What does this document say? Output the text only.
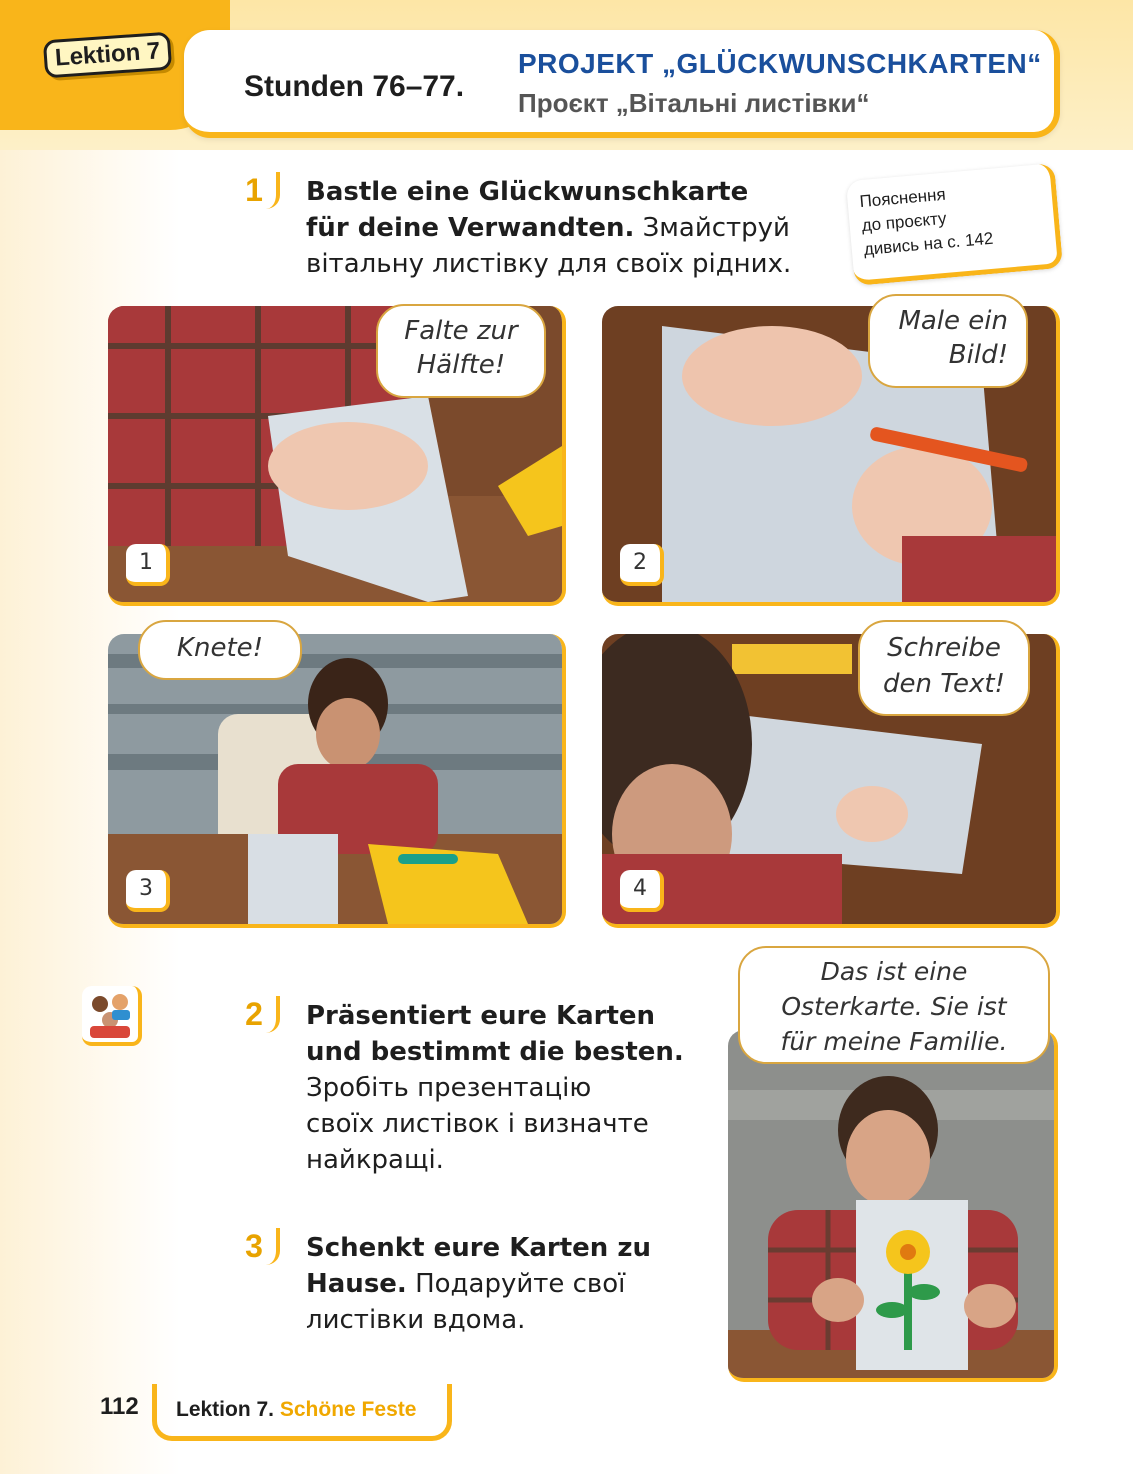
Lektion 7
Stunden 76–77.
PROJEKT „GLÜCKWUNSCHKARTEN“
Проєкт „Вітальні листівки“
1	Bastle eine Glückwunschkarte
für deine Verwandten. Змайструй
вітальну листівку для своїх рідних.
Пояснення
до проєкту
дивись на с. 142
Falte zur
Hälfte!
1
Male ein
Bild!
2
Knete!
3
Schreibe
den Text!
4
2	Präsentiert eure Karten
und bestimmt die besten.
Зробіть презентацію
своїх листівок і визначте
найкращі.
3	Schenkt eure Karten zu
Hause. Подаруйте свої
листівки вдома.
Das ist eine
Osterkarte. Sie ist
für meine Familie.
112 Lektion 7. Schöne Feste
